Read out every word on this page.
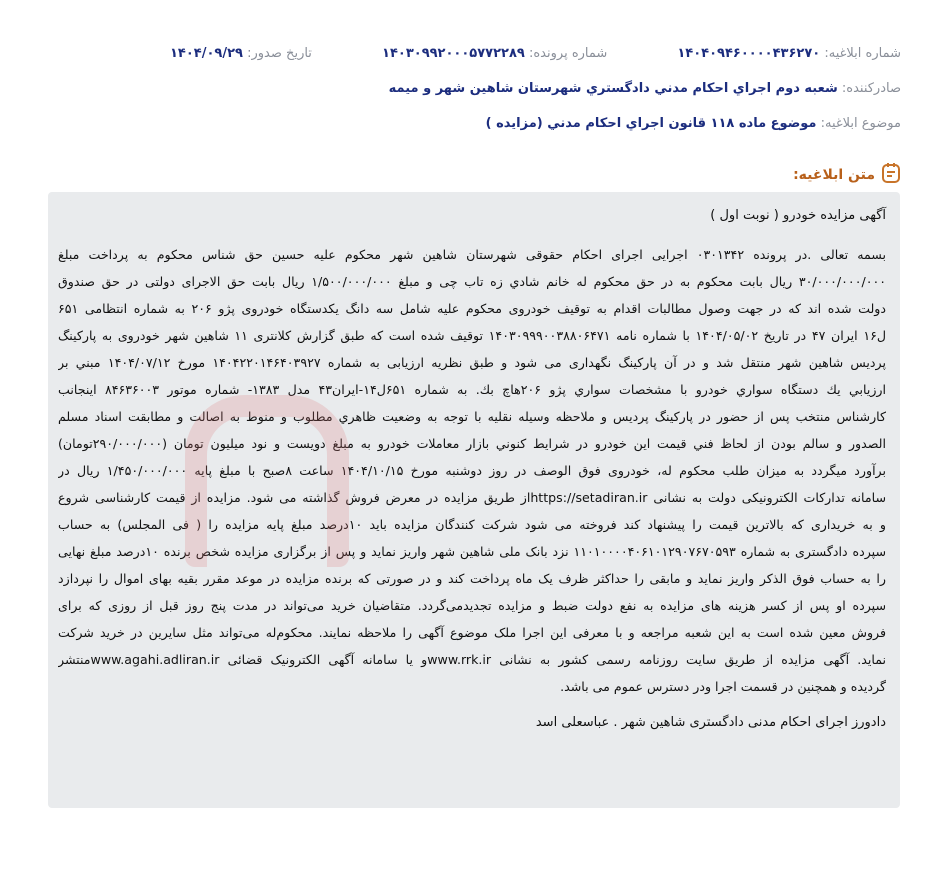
شماره ابلاغیه: ۱۴۰۴۰۹۴۶۰۰۰۰۴۳۶۲۷۰
شماره پرونده: ۱۴۰۳۰۹۹۲۰۰۰۵۷۷۲۲۸۹
تاریخ صدور: ۱۴۰۴/۰۹/۲۹
صادرکننده: شعبه دوم اجراي احكام مدني دادگستري شهرستان شاهين شهر و ميمه
موضوع ابلاغیه: موضوع ماده ۱۱۸ قانون اجراي احكام مدني (مزايده )
متن ابلاغیه:
آگهی مزایده خودرو ( نوبت اول )
بسمه تعالی .در پرونده ۰۳۰۱۳۴۲ اجرایی اجرای احکام حقوقی شهرستان شاهین شهر محکوم علیه حسین حق شناس محکوم به پرداخت مبلغ
۳۰/۰۰۰/۰۰۰/۰۰۰ ریال بابت محکوم به در حق محکوم له خانم شادي زه تاب چی و مبلغ ۱/۵۰۰/۰۰۰/۰۰۰ ریال بابت حق الاجرای دولتی در حق صندوق
دولت شده اند که در جهت وصول مطالبات اقدام به توقیف خودروی محکوم علیه شامل سه دانگ یکدستگاه خودروی پژو ۲۰۶ به شماره انتظامی ۶۵۱
ل۱۶ ایران ۴۷ در تاریخ ۱۴۰۴/۰۵/۰۲ با شماره نامه ۱۴۰۳۰۹۹۹۰۰۳۸۸۰۶۴۷۱ توقیف شده است که طبق گزارش کلانتری ۱۱ شاهین شهر خودروی به پارکینگ
پردیس شاهین شهر منتقل شد و در آن پارکینگ نگهداری می شود و طبق نظریه ارزیابی به شماره ۱۴۰۴۲۲۰۱۴۶۴۰۳۹۲۷ مورخ ۱۴۰۴/۰۷/۱۲ مبني بر
ارزيابي يك دستگاه سواري خودرو با مشخصات سواري پژو ۲۰۶هاچ بك. به شماره ۶۵۱ل۱۴-ایران۴۳ مدل ۱۳۸۳- شماره موتور ۸۴۶۳۶۰۰۳ اینجانب
کارشناس منتخب پس از حضور در پارکینگ پردیس و ملاحظه وسیله نقلیه با توجه به وضعيت ظاهري مطلوب و منوط به اصالت و مطابقت اسناد مسلم
الصدور و سالم بودن از لحاظ فني قيمت اين خودرو در شرايط كنوني بازار معاملات خودرو به مبلغ دويست و نود ميليون تومان (۲۹۰/۰۰۰/۰۰۰تومان)
برآورد میگردد به میزان طلب محکوم له، خودروی فوق الوصف در روز دوشنبه مورخ ۱۴۰۴/۱۰/۱۵ ساعت ۸صبح با مبلغ پایه ۱/۴۵۰/۰۰۰/۰۰۰ ریال در
سامانه تدارکات الکترونیکی دولت به نشانی https://setadiran.irاز طریق مزایده در معرض فروش گذاشته می شود. مزایده از قیمت کارشناسی شروع
و به خریداری که بالاترین قیمت را پیشنهاد کند فروخته می شود شرکت کنندگان مزایده باید ۱۰درصد مبلغ پایه مزایده را ( فی المجلس) به حساب
سپرده دادگستری به شماره ۱۱۰۱۰۰۰۰۴۰۶۱۰۱۲۹۰۷۶۷۰۵۹۳ نزد بانک ملی شاهین شهر واریز نماید و پس از برگزاری مزایده شخص برنده ۱۰درصد مبلغ نهایی
را به حساب فوق الذکر واریز نماید و مابقی را حداکثر ظرف یک ماه پرداخت کند و در صورتی که برنده مزایده در موعد مقرر بقیه بهای اموال را نپردازد
سپرده او پس از کسر هزینه های مزایده به نفع دولت ضبط و مزایده تجدیدمی‌گردد. متقاضیان خرید می‌تواند در مدت پنج روز قبل از روزی که برای
فروش معین شده است به این شعبه مراجعه و با معرفی این اجرا ملک موضوع آگهی را ملاحظه نمایند. محکوم‌له می‌تواند مثل سایرین در خرید شرکت
نماید. آگهی مزایده از طریق سایت روزنامه رسمی کشور به نشانی www.rrk.irو یا سامانه آگهی الکترونیک قضائی www.agahi.adliran.irمنتشر
گردیده و همچنین در قسمت اجرا ودر دسترس عموم می باشد.
دادورز اجرای احکام مدنی دادگستری شاهین شهر . عباسعلی اسد
